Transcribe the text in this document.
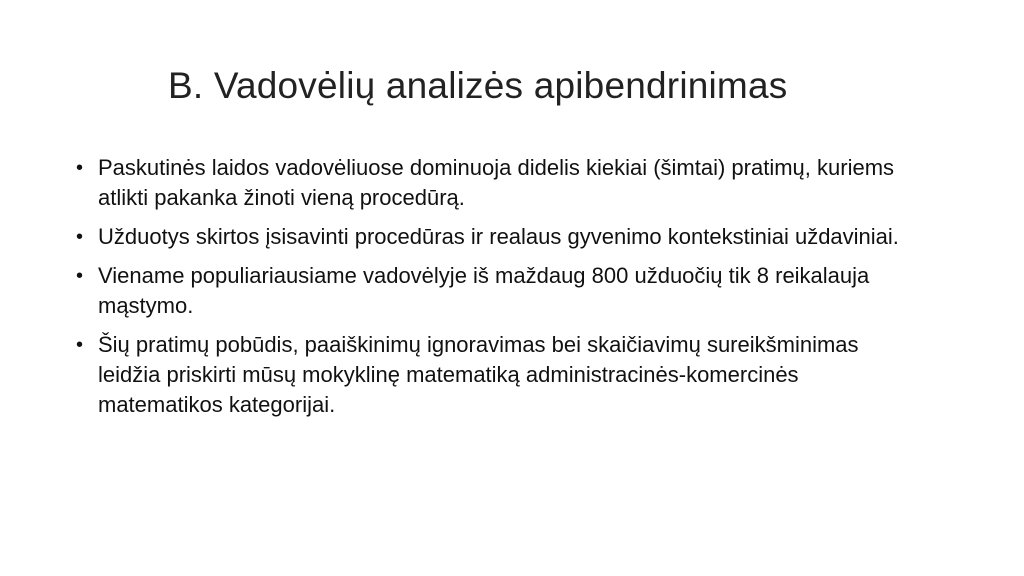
B. Vadovėlių analizės apibendrinimas
• Paskutinės laidos vadovėliuose dominuoja didelis kiekiai (šimtai) pratimų, kuriems atlikti pakanka žinoti vieną procedūrą.
• Užduotys skirtos įsisavinti procedūras ir realaus gyvenimo kontekstiniai uždaviniai.
• Viename populiariausiame vadovėlyje iš maždaug 800 užduočių tik 8 reikalauja mąstymo.
• Šių pratimų pobūdis, paaiškinimų ignoravimas bei skaičiavimų sureikšminimas leidžia priskirti mūsų mokyklinę matematiką administracinės-komercinės matematikos kategorijai.
